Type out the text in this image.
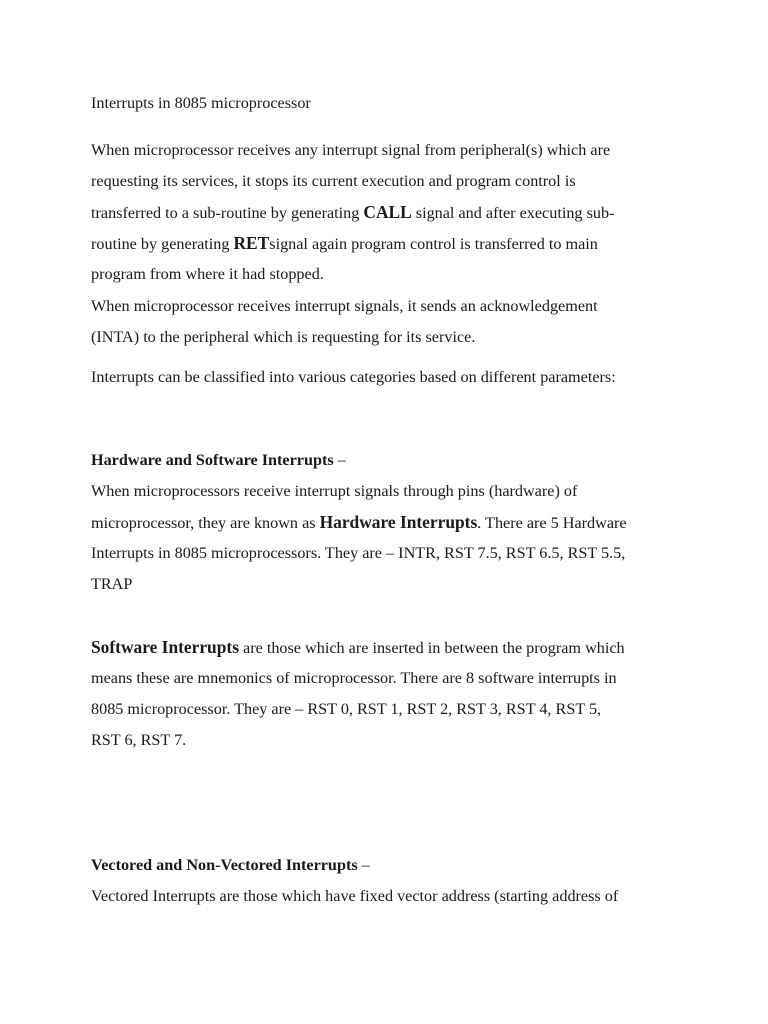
Interrupts in 8085 microprocessor
When microprocessor receives any interrupt signal from peripheral(s) which are
requesting its services, it stops its current execution and program control is
transferred to a sub-routine by generating CALL signal and after executing sub-
routine by generating RETsignal again program control is transferred to main
program from where it had stopped.
When microprocessor receives interrupt signals, it sends an acknowledgement
(INTA) to the peripheral which is requesting for its service.
Interrupts can be classified into various categories based on different parameters:
Hardware and Software Interrupts –
When microprocessors receive interrupt signals through pins (hardware) of
microprocessor, they are known as Hardware Interrupts. There are 5 Hardware
Interrupts in 8085 microprocessors. They are – INTR, RST 7.5, RST 6.5, RST 5.5,
TRAP
Software Interrupts are those which are inserted in between the program which
means these are mnemonics of microprocessor. There are 8 software interrupts in
8085 microprocessor. They are – RST 0, RST 1, RST 2, RST 3, RST 4, RST 5,
RST 6, RST 7.
Vectored and Non-Vectored Interrupts –
Vectored Interrupts are those which have fixed vector address (starting address of
